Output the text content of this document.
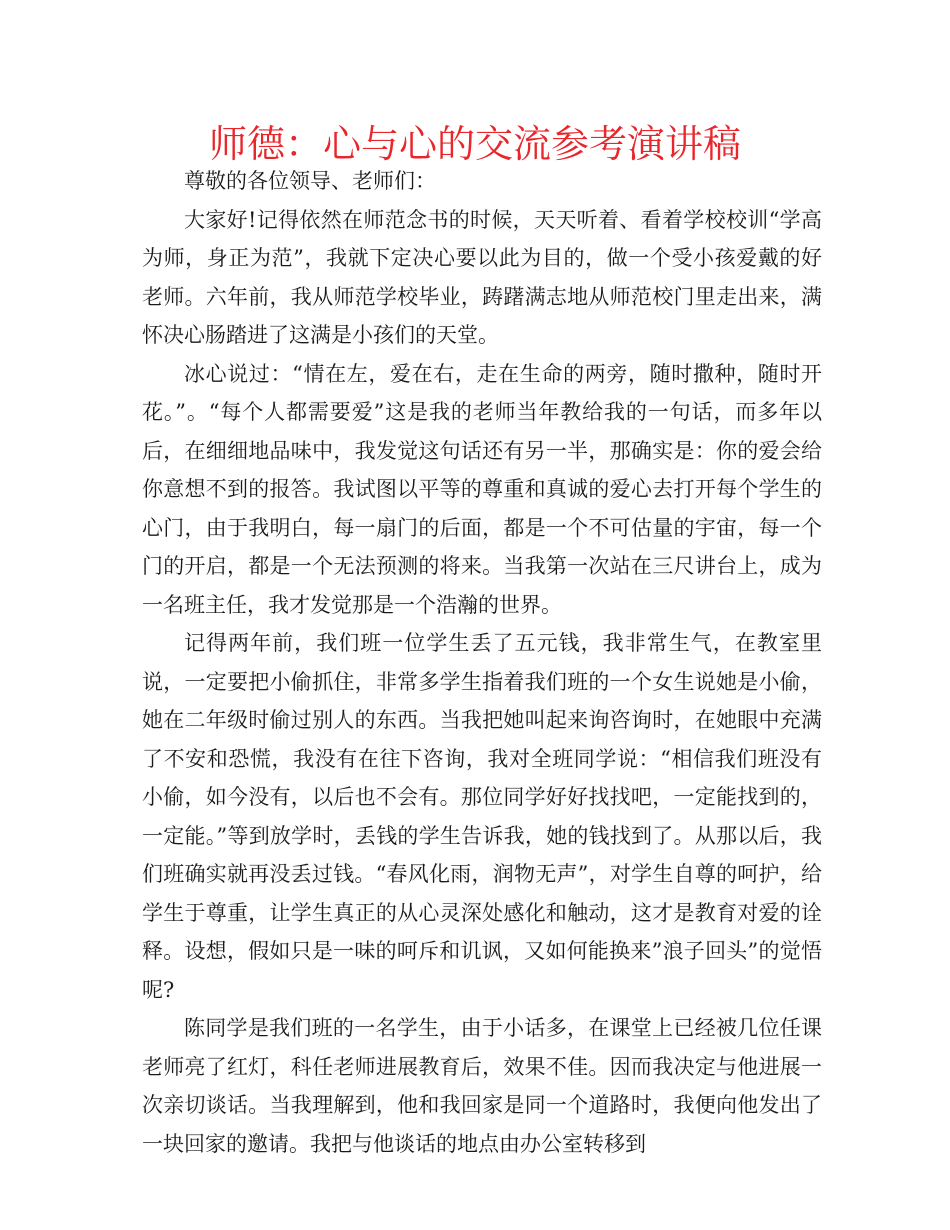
师德：心与心的交流参考演讲稿

尊敬的各位领导、老师们：

大家好!记得依然在师范念书的时候，天天听着、看着学校校训“学高为师，身正为范”，我就下定决心要以此为目的，做一个受小孩爱戴的好老师。六年前，我从师范学校毕业，踌躇满志地从师范校门里走出来，满怀决心肠踏进了这满是小孩们的天堂。

冰心说过：“情在左，爱在右，走在生命的两旁，随时撒种，随时开花。”。“每个人都需要爱”这是我的老师当年教给我的一句话，而多年以后，在细细地品味中，我发觉这句话还有另一半，那确实是：你的爱会给你意想不到的报答。我试图以平等的尊重和真诚的爱心去打开每个学生的心门，由于我明白，每一扇门的后面，都是一个不可估量的宇宙，每一个门的开启，都是一个无法预测的将来。当我第一次站在三尺讲台上，成为一名班主任，我才发觉那是一个浩瀚的世界。

记得两年前，我们班一位学生丢了五元钱，我非常生气，在教室里说，一定要把小偷抓住，非常多学生指着我们班的一个女生说她是小偷，她在二年级时偷过别人的东西。当我把她叫起来询咨询时，在她眼中充满了不安和恐慌，我没有在往下咨询，我对全班同学说：“相信我们班没有小偷，如今没有，以后也不会有。那位同学好好找找吧，一定能找到的，一定能。”等到放学时，丢钱的学生告诉我，她的钱找到了。从那以后，我们班确实就再没丢过钱。“春风化雨，润物无声”，对学生自尊的呵护，给学生于尊重，让学生真正的从心灵深处感化和触动，这才是教育对爱的诠释。设想，假如只是一味的呵斥和讥讽，又如何能换来”浪子回头”的觉悟呢?

陈同学是我们班的一名学生，由于小话多，在课堂上已经被几位任课老师亮了红灯，科任老师进展教育后，效果不佳。因而我决定与他进展一次亲切谈话。当我理解到，他和我回家是同一个道路时，我便向他发出了一块回家的邀请。我把与他谈话的地点由办公室转移到
